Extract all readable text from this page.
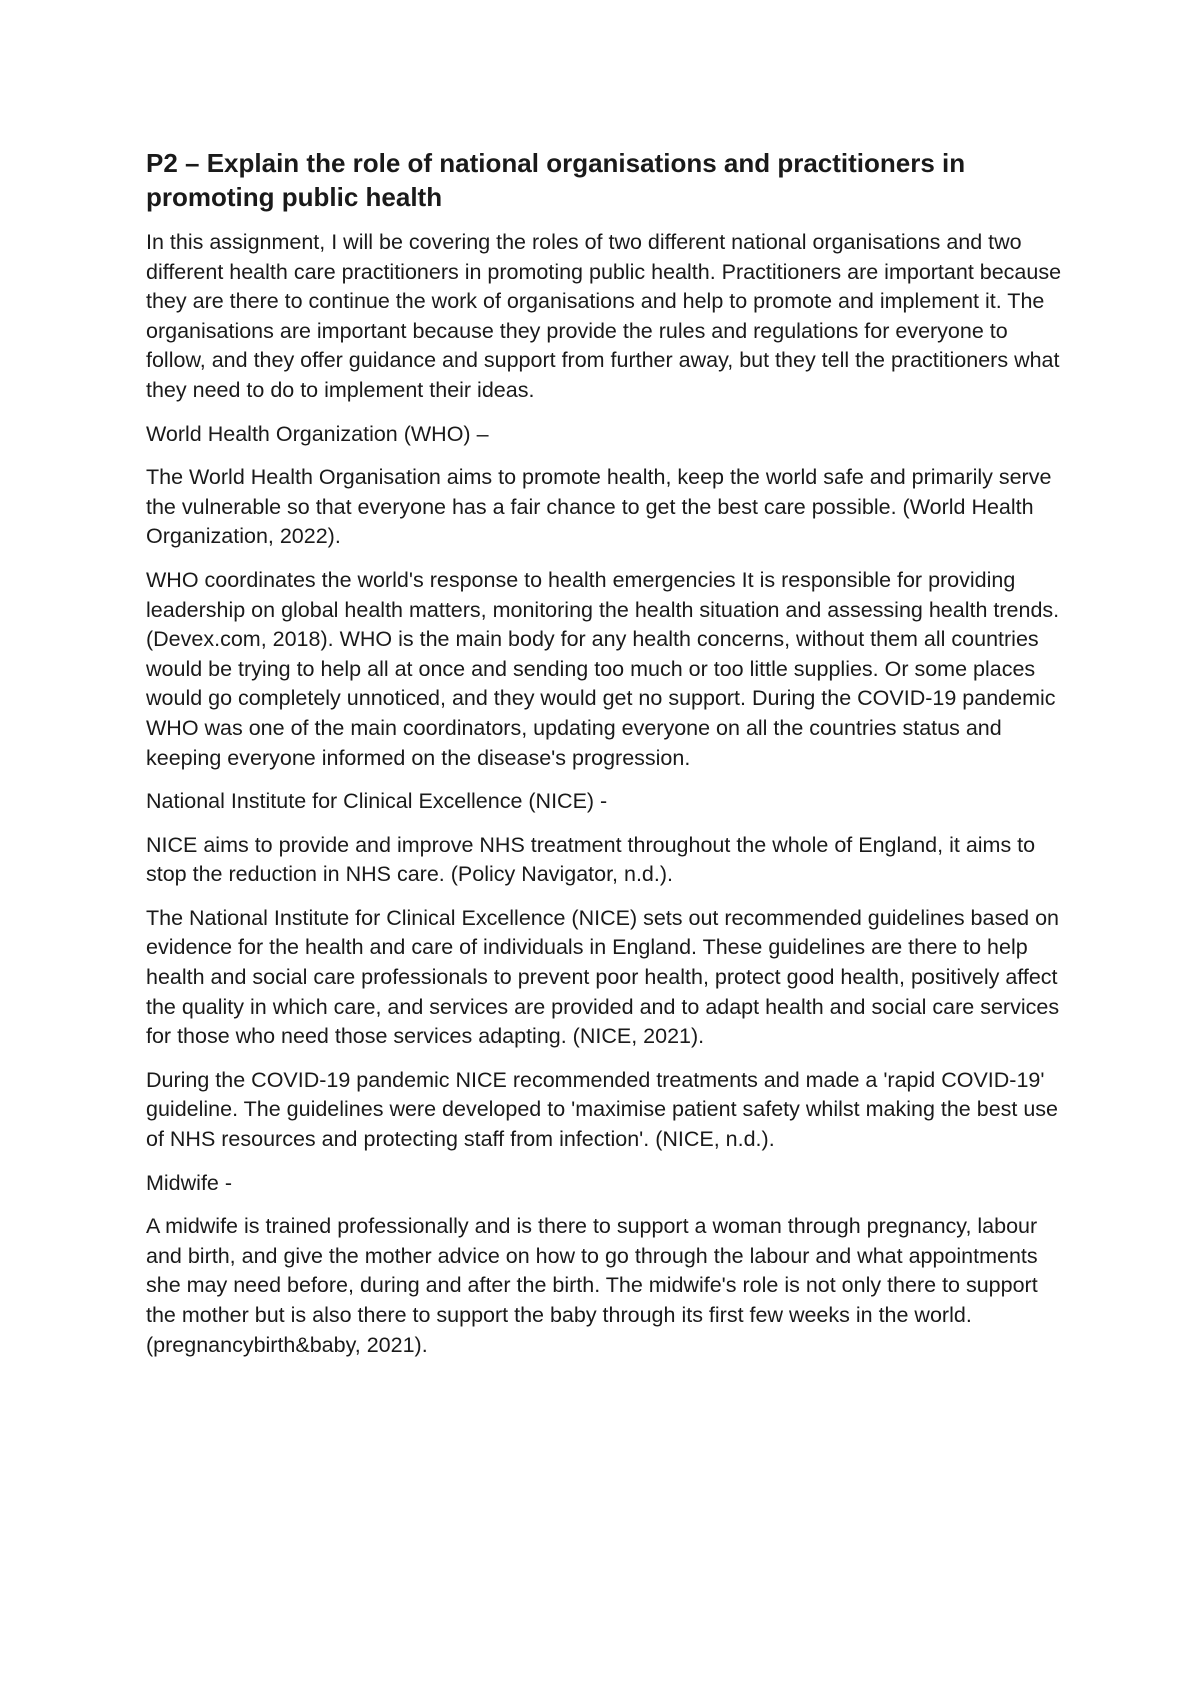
P2 – Explain the role of national organisations and practitioners in promoting public health

In this assignment, I will be covering the roles of two different national organisations and two different health care practitioners in promoting public health. Practitioners are important because they are there to continue the work of organisations and help to promote and implement it. The organisations are important because they provide the rules and regulations for everyone to follow, and they offer guidance and support from further away, but they tell the practitioners what they need to do to implement their ideas.

World Health Organization (WHO) –

The World Health Organisation aims to promote health, keep the world safe and primarily serve the vulnerable so that everyone has a fair chance to get the best care possible. (World Health Organization, 2022).

WHO coordinates the world's response to health emergencies It is responsible for providing leadership on global health matters, monitoring the health situation and assessing health trends. (Devex.com, 2018). WHO is the main body for any health concerns, without them all countries would be trying to help all at once and sending too much or too little supplies. Or some places would go completely unnoticed, and they would get no support. During the COVID-19 pandemic WHO was one of the main coordinators, updating everyone on all the countries status and keeping everyone informed on the disease's progression.

National Institute for Clinical Excellence (NICE) -

NICE aims to provide and improve NHS treatment throughout the whole of England, it aims to stop the reduction in NHS care. (Policy Navigator, n.d.).

The National Institute for Clinical Excellence (NICE) sets out recommended guidelines based on evidence for the health and care of individuals in England. These guidelines are there to help health and social care professionals to prevent poor health, protect good health, positively affect the quality in which care, and services are provided and to adapt health and social care services for those who need those services adapting. (NICE, 2021).

During the COVID-19 pandemic NICE recommended treatments and made a 'rapid COVID-19' guideline. The guidelines were developed to 'maximise patient safety whilst making the best use of NHS resources and protecting staff from infection'. (NICE, n.d.).

Midwife -

A midwife is trained professionally and is there to support a woman through pregnancy, labour and birth, and give the mother advice on how to go through the labour and what appointments she may need before, during and after the birth. The midwife's role is not only there to support the mother but is also there to support the baby through its first few weeks in the world. (pregnancybirth&baby, 2021).
